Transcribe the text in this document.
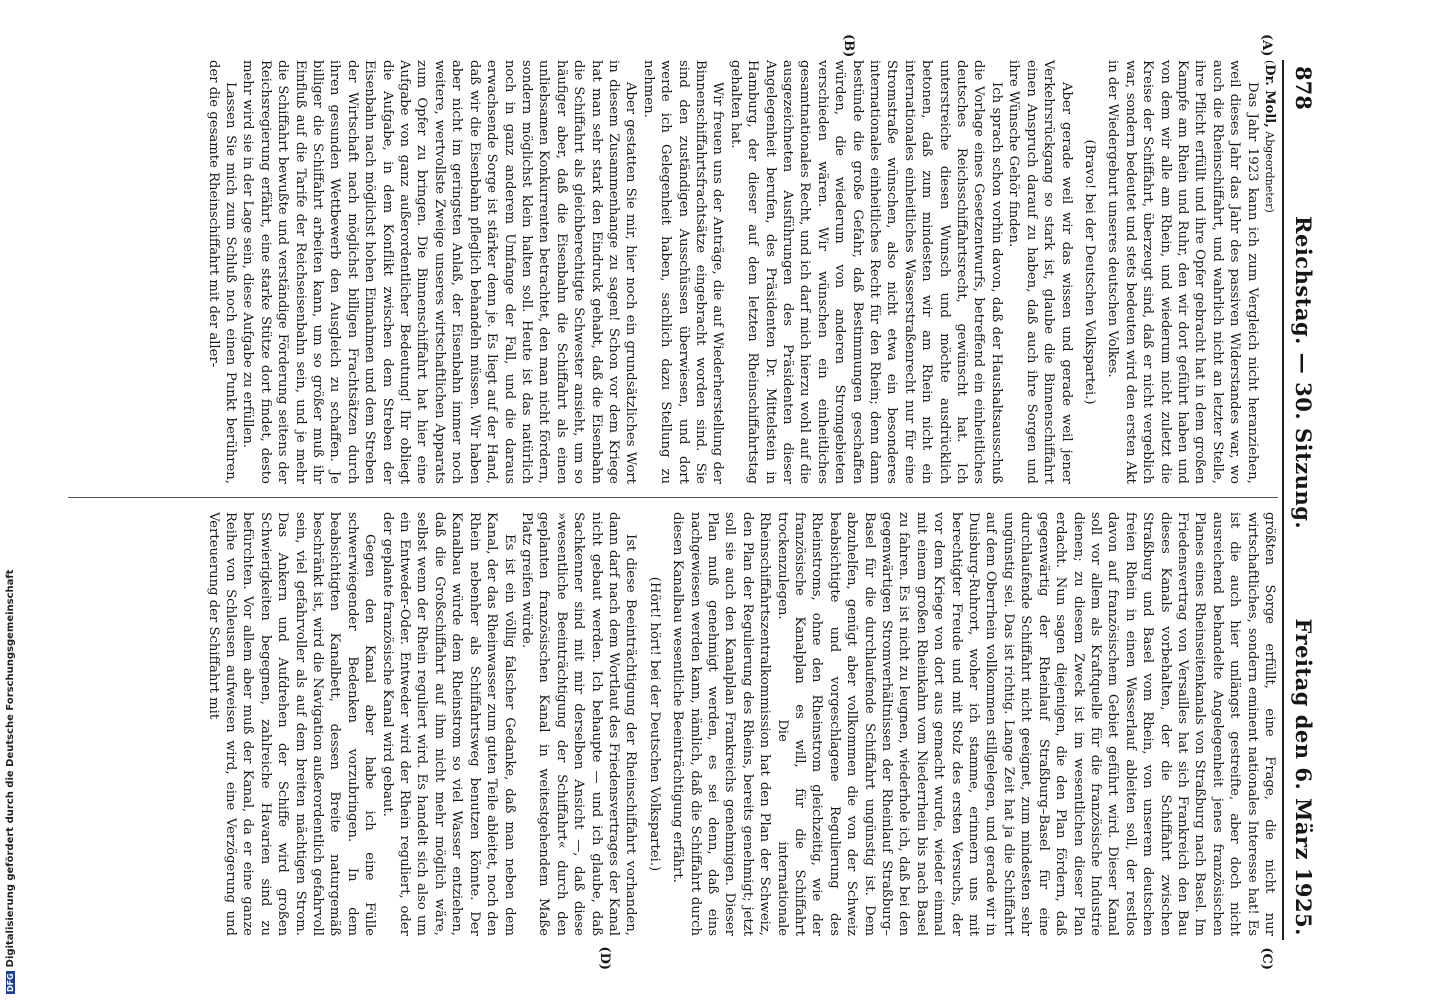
878
Reichstag. — 30. Sitzung.
Freitag den 6. März 1925.
(A)
(B)
(C)
(D)

(Dr. Moll, Abgeordneter)

Das Jahr 1923 kann ich zum Vergleich nicht heranziehen, weil dieses Jahr das Jahr des passiven Widerstandes war, wo auch die Rheinschiffahrt, und wahrlich nicht an letzter Stelle, ihre Pflicht erfüllt und ihre Opfer gebracht hat in dem großen Kampfe am Rhein und Ruhr, den wir dort geführt haben und von dem wir alle am Rhein, und wiederum nicht zuletzt die Kreise der Schiffahrt, überzeugt sind, daß er nicht vergeblich war, sondern bedeutet und stets bedeuten wird den ersten Akt in der Wiedergeburt unseres deutschen Volkes.

(Bravo! bei der Deutschen Volkspartei.)

Aber gerade weil wir das wissen und gerade weil jener Verkehrsrückgang so stark ist, glaube die Binnenschiffahrt einen Anspruch darauf zu haben, daß auch ihre Sorgen und ihre Wünsche Gehör finden.

Ich sprach schon vorhin davon, daß der Haushaltsausschuß die Vorlage eines Gesetzentwurfs, betreffend ein einheitliches deutsches Reichsschiffahrtsrecht, gewünscht hat. Ich unterstreiche diesen Wunsch und möchte ausdrücklich betonen, daß zum mindesten wir am Rhein nicht ein internationales einheitliches Wasserstraßenrecht nur für eine Stromstraße wünschen, also nicht etwa ein besonderes internationales einheitliches Recht für den Rhein; denn dann bestünde die große Gefahr, daß Bestimmungen geschaffen würden, die wiederum von anderen Stromgebieten verschieden wären. Wir wünschen ein einheitliches gesamtnationales Recht, und ich darf mich hierzu wohl auf die ausgezeichneten Ausführungen des Präsidenten dieser Angelegenheit berufen, des Präsidenten Dr. Mittelstein in Hamburg, der dieser auf dem letzten Rheinschiffahrtstag gehalten hat.

Wir freuen uns der Anträge, die auf Wiederherstellung der Binnenschiffahrtsfrachtsätze eingebracht worden sind. Sie sind den zuständigen Ausschüssen überwiesen, und dort werde ich Gelegenheit haben, sachlich dazu Stellung zu nehmen.

Aber gestatten Sie mir, hier noch ein grundsätzliches Wort in diesem Zusammenhange zu sagen! Schon vor dem Kriege hat man sehr stark den Eindruck gehabt, daß die Eisenbahn die Schiffahrt als gleichberechtigte Schwester ansieht, um so häufiger aber, daß die Eisenbahn die Schiffahrt als einen unliebsamen Konkurrenten betrachtet, den man nicht fördern, sondern möglichst klein halten soll. Heute ist das natürlich noch in ganz anderem Umfange der Fall, und die daraus erwachsende Sorge ist stärker denn je. Es liegt auf der Hand, daß wir die Eisenbahn pfleglich behandeln müssen. Wir haben aber nicht im geringsten Anlaß, der Eisenbahn immer noch weitere, wertvollste Zweige unseres wirtschaftlichen Apparats zum Opfer zu bringen. Die Binnenschiffahrt hat hier eine Aufgabe von ganz außerordentlicher Bedeutung! Ihr obliegt die Aufgabe, in dem Konflikt zwischen dem Streben der Eisenbahn nach möglichst hohen Einnahmen und dem Streben der Wirtschaft nach möglichst billigen Frachtsätzen durch ihren gesunden Wettbewerb den Ausgleich zu schaffen. Je billiger die Schiffahrt arbeiten kann, um so größer muß ihr Einfluß auf die Tarife der Reichseisenbahn sein, und je mehr die Schiffahrt bewußte und verständige Förderung seitens der Reichsregierung erfährt, eine starke Stütze dort findet, desto mehr wird sie in der Lage sein, diese Aufgabe zu erfüllen.

Lassen Sie mich zum Schluß noch einen Punkt berühren, der die gesamte Rheinschiffahrt mit der aller-

größten Sorge erfüllt, eine Frage, die nicht nur wirtschaftliches, sondern eminent nationales Interesse hat! Es ist die auch hier unlängst gestreifte, aber doch nicht ausreichend behandelte Angelegenheit jenes französischen Planes eines Rheinseitenkanals von Straßburg nach Basel. Im Friedensvertrag von Versailles hat sich Frankreich den Bau dieses Kanals vorbehalten, der die Schiffahrt zwischen Straßburg und Basel vom Rhein, von unserem deutschen freien Rhein in einen Wasserlauf ableiten soll, der restlos davon auf französischem Gebiet geführt wird. Dieser Kanal soll vor allem als Kraftquelle für die französische Industrie dienen; zu diesem Zweck ist im wesentlichen dieser Plan erdacht. Nun sagen diejenigen, die den Plan fördern, daß gegenwärtig der Rheinlauf Straßburg–Basel für eine durchlaufende Schiffahrt nicht geeignet, zum mindesten sehr ungünstig sei. Das ist richtig. Lange Zeit hat ja die Schiffahrt auf dem Oberrhein vollkommen stillgelegen, und gerade wir in Duisburg-Ruhrort, woher ich stamme, erinnern uns mit berechtigter Freude und mit Stolz des ersten Versuchs, der vor dem Kriege von dort aus gemacht wurde, wieder einmal mit einem großen Rheinkahn vom Niederrhein bis nach Basel zu fahren. Es ist nicht zu leugnen, wiederhole ich, daß bei den gegenwärtigen Stromverhältnissen der Rheinlauf Straßburg–Basel für die durchlaufende Schiffahrt ungünstig ist. Dem abzuhelfen, genügt aber vollkommen die von der Schweiz beabsichtigte und vorgeschlagene Regulierung des Rheinstroms, ohne den Rheinstrom gleichzeitig, wie der französische Kanalplan es will, für die Schiffahrt trockenzulegen. Die internationale Rheinschiffahrtszentralkommission hat den Plan der Schweiz, den Plan der Regulierung des Rheins, bereits genehmigt; jetzt soll sie auch den Kanalplan Frankreichs genehmigen. Dieser Plan muß genehmigt werden, es sei denn, daß eins nachgewiesen werden kann, nämlich, daß die Schiffahrt durch diesen Kanalbau wesentliche Beeinträchtigung erfährt.

(Hört! hört! bei der Deutschen Volkspartei.)

Ist diese Beeinträchtigung der Rheinschiffahrt vorhanden, dann darf nach dem Wortlaut des Friedensvertrages der Kanal nicht gebaut werden. Ich behaupte — und ich glaube, daß Sachkenner sind mit mir derselben Ansicht —, daß diese »wesentliche Beeinträchtigung der Schiffahrt« durch den geplanten französischen Kanal in weitestgehendem Maße Platz greifen würde.

Es ist ein völlig falscher Gedanke, daß man neben dem Kanal, der das Rheinwasser zum guten Teile ableitet, noch den Rhein nebenher als Schiffahrtsweg benutzen könnte. Der Kanalbau würde dem Rheinstrom so viel Wasser entziehen, daß die Großschiffahrt auf ihm nicht mehr möglich wäre, selbst wenn der Rhein reguliert wird. Es handelt sich also um ein Entweder-Oder. Entweder wird der Rhein reguliert, oder der geplante französische Kanal wird gebaut.

Gegen den Kanal aber habe ich eine Fülle schwerwiegender Bedenken vorzubringen. In dem beabsichtigten Kanalbett, dessen Breite naturgemäß beschränkt ist, wird die Navigation außerordentlich gefahrvoll sein, viel gefahrvoller als auf dem breiten mächtigen Strom. Das Ankern und Aufdrehen der Schiffe wird großen Schwierigkeiten begegnen, zahlreiche Havarien sind zu befürchten. Vor allem aber muß der Kanal, da er eine ganze Reihe von Schleusen aufweisen wird, eine Verzögerung und Verteuerung der Schiffahrt mit

DFGDigitalisierung gefördert durch die Deutsche Forschungsgemeinschaft
